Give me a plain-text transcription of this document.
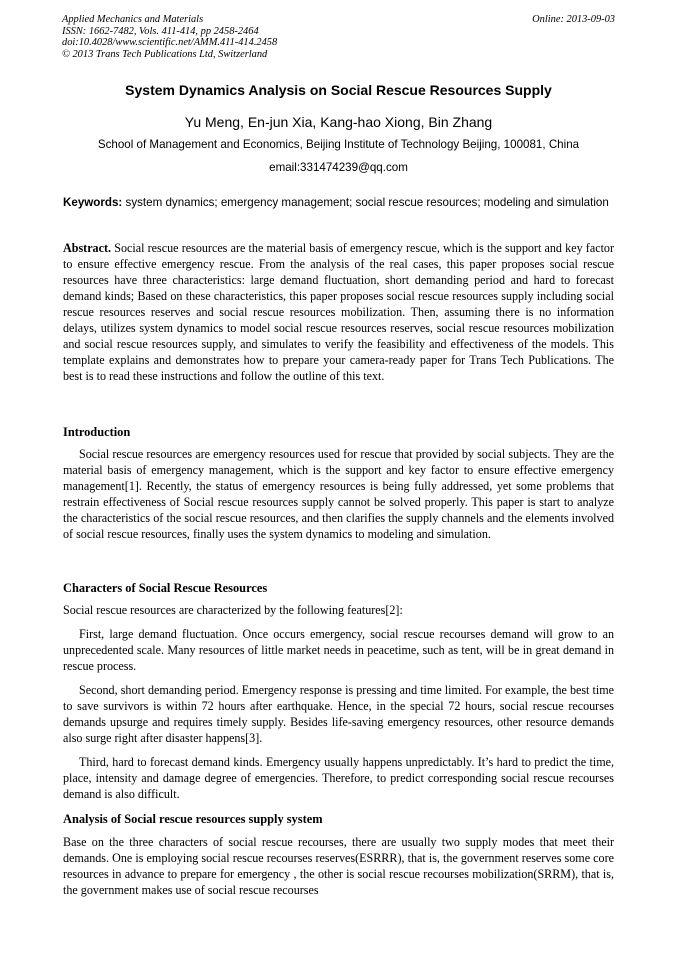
Applied Mechanics and Materials
ISSN: 1662-7482, Vols. 411-414, pp 2458-2464
doi:10.4028/www.scientific.net/AMM.411-414.2458
© 2013 Trans Tech Publications Ltd, Switzerland
Online: 2013-09-03
System Dynamics Analysis on Social Rescue Resources Supply
Yu Meng, En-jun Xia, Kang-hao Xiong, Bin Zhang
School of Management and Economics, Beijing Institute of Technology Beijing, 100081, China
email:331474239@qq.com
Keywords: system dynamics; emergency management; social rescue resources; modeling and simulation

Abstract. Social rescue resources are the material basis of emergency rescue, which is the support and key factor to ensure effective emergency rescue. From the analysis of the real cases, this paper proposes social rescue resources have three characteristics: large demand fluctuation, short demanding period and hard to forecast demand kinds; Based on these characteristics, this paper proposes social rescue resources supply including social rescue resources reserves and social rescue resources mobilization. Then, assuming there is no information delays, utilizes system dynamics to model social rescue resources reserves, social rescue resources mobilization and social rescue resources supply, and simulates to verify the feasibility and effectiveness of the models. This template explains and demonstrates how to prepare your camera-ready paper for Trans Tech Publications. The best is to read these instructions and follow the outline of this text.

Introduction

Social rescue resources are emergency resources used for rescue that provided by social subjects. They are the material basis of emergency management, which is the support and key factor to ensure effective emergency management[1]. Recently, the status of emergency resources is being fully addressed, yet some problems that restrain effectiveness of Social rescue resources supply cannot be solved properly. This paper is start to analyze the characteristics of the social rescue resources, and then clarifies the supply channels and the elements involved of social rescue resources, finally uses the system dynamics to modeling and simulation.

Characters of Social Rescue Resources

Social rescue resources are characterized by the following features[2]:

First, large demand fluctuation. Once occurs emergency, social rescue recourses demand will grow to an unprecedented scale. Many resources of little market needs in peacetime, such as tent, will be in great demand in rescue process.

Second, short demanding period. Emergency response is pressing and time limited. For example, the best time to save survivors is within 72 hours after earthquake. Hence, in the special 72 hours, social rescue recourses demands upsurge and requires timely supply. Besides life-saving emergency resources, other resource demands also surge right after disaster happens[3].

Third, hard to forecast demand kinds. Emergency usually happens unpredictably. It’s hard to predict the time, place, intensity and damage degree of emergencies. Therefore, to predict corresponding social rescue recourses demand is also difficult.

Analysis of Social rescue resources supply system

Base on the three characters of social rescue recourses, there are usually two supply modes that meet their demands. One is employing social rescue recourses reserves(ESRRR), that is, the government reserves some core resources in advance to prepare for emergency , the other is social rescue recourses mobilization(SRRM), that is, the government makes use of social rescue recourses
